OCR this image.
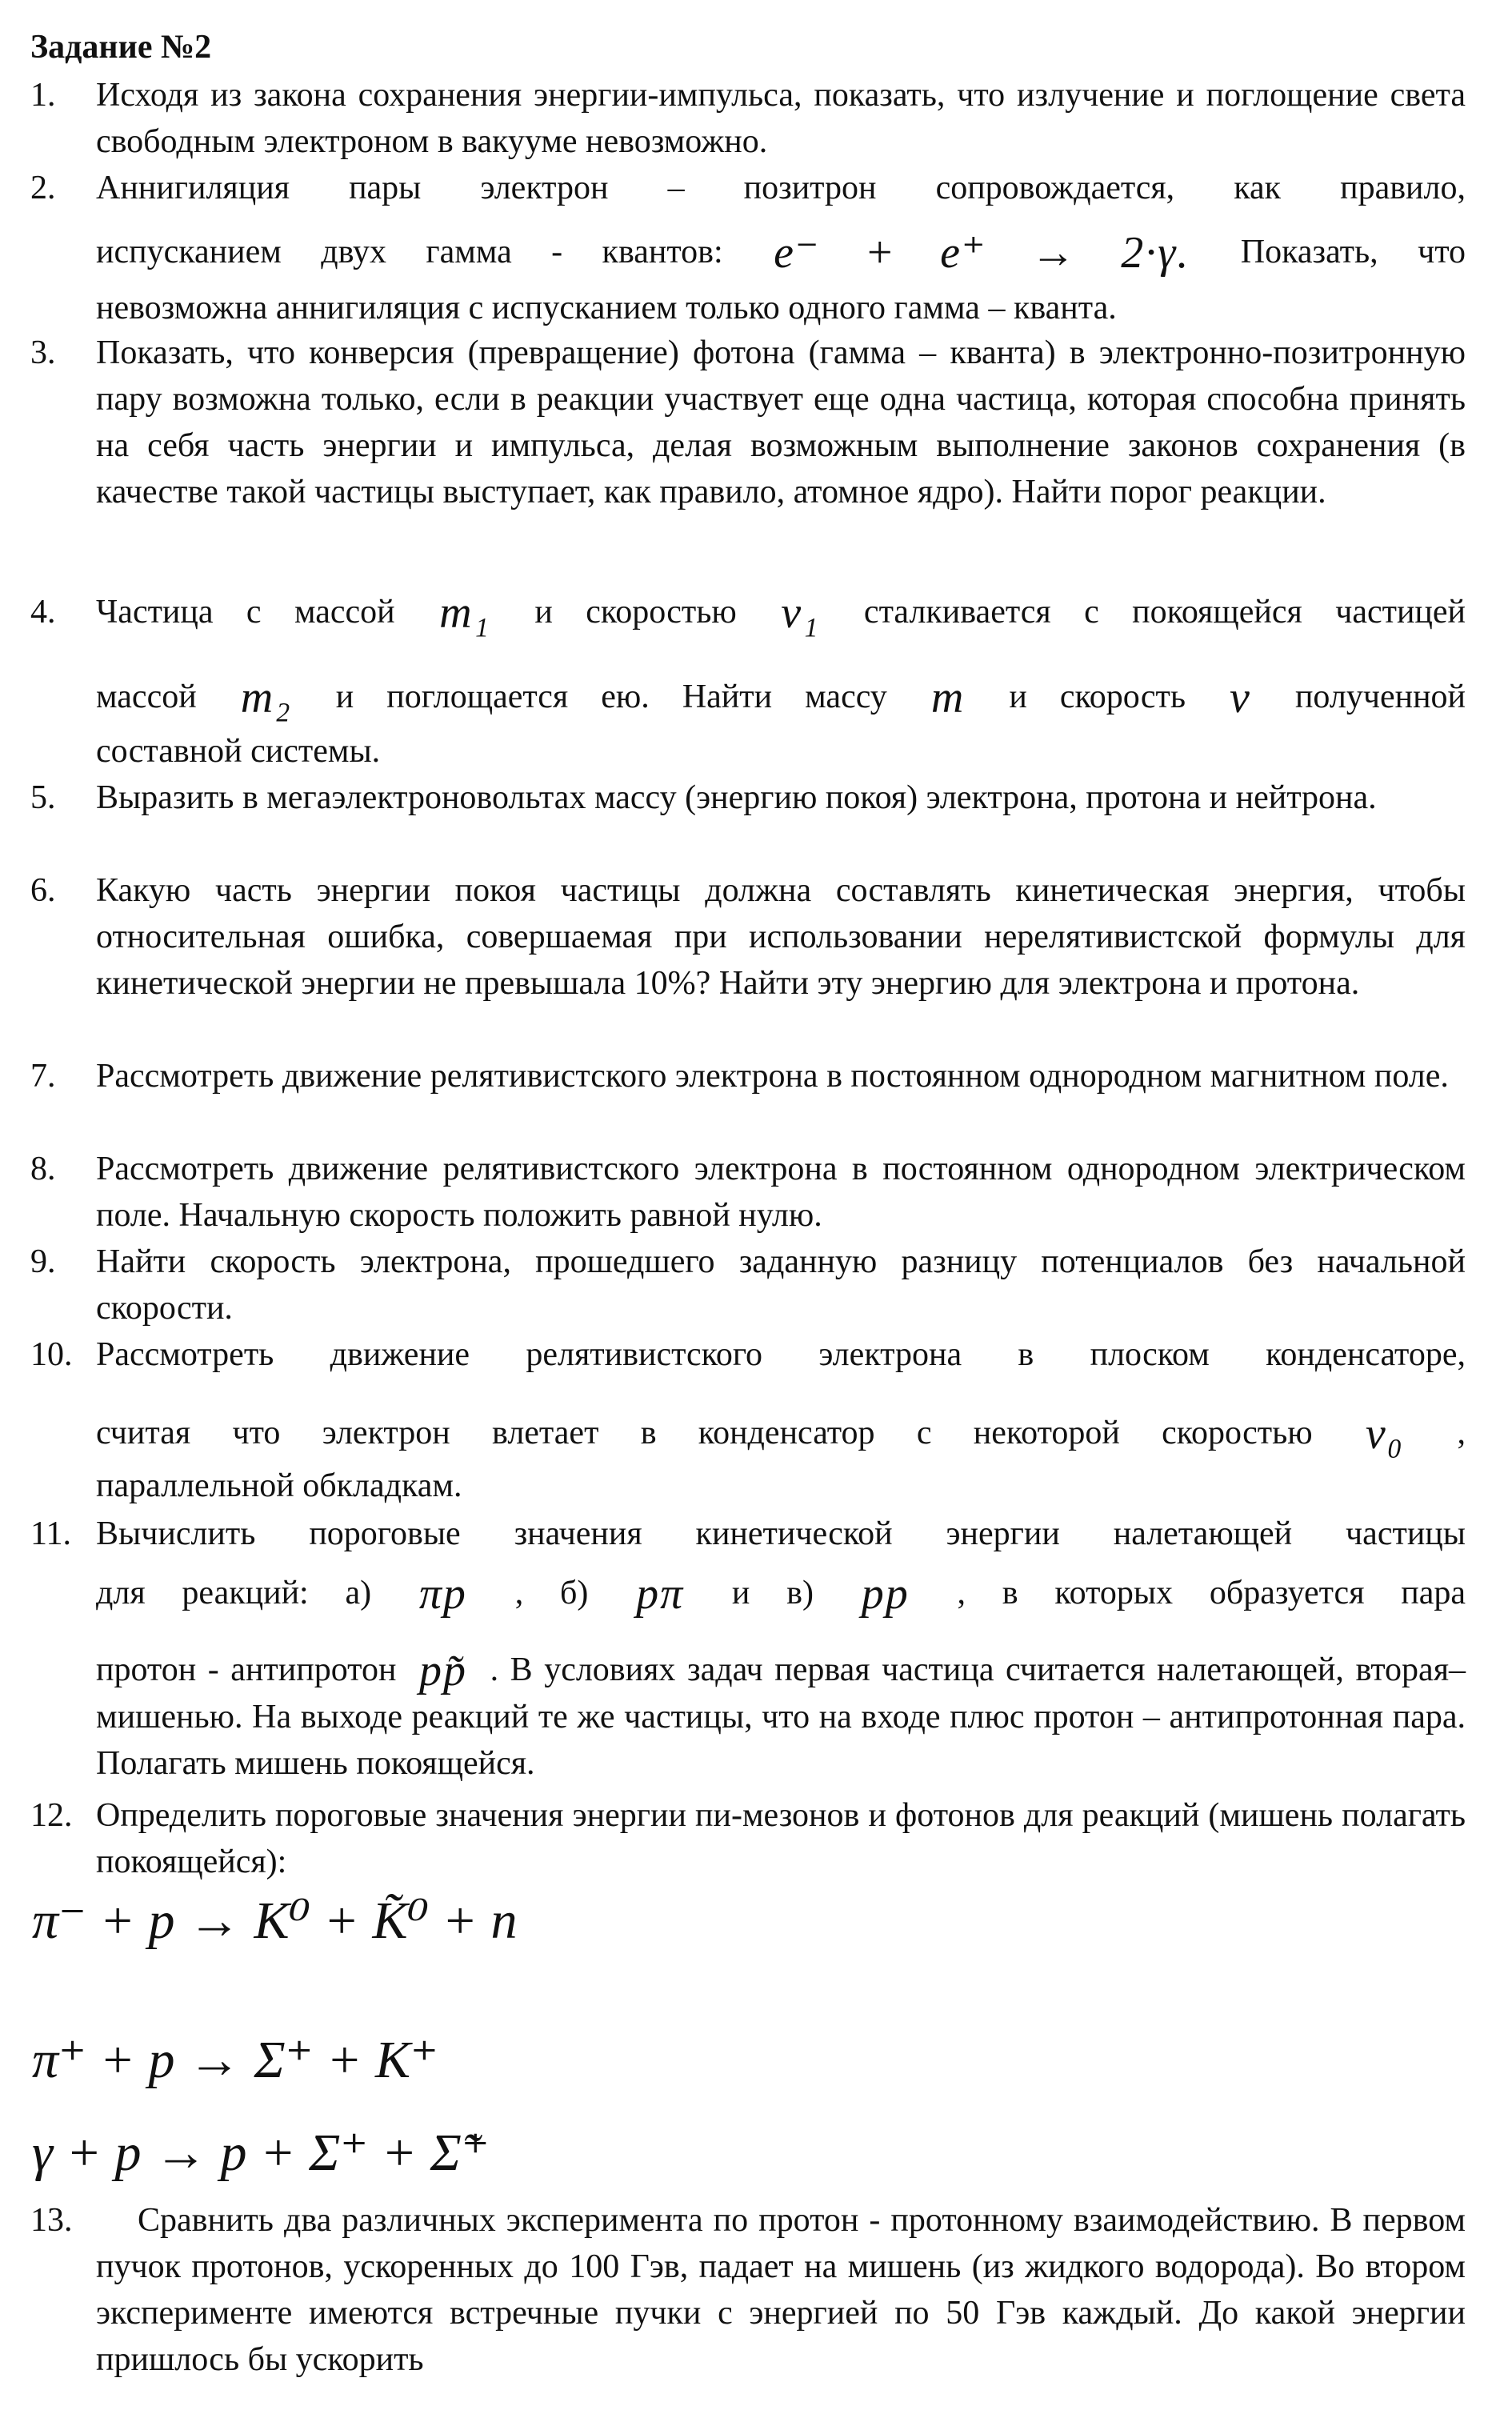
Задание №2
1.	Исходя из закона сохранения энергии-импульса, показать, что излучение и поглощение света свободным электроном в вакууме невозможно.
2.	Аннигиляция пары электрон – позитрон сопровождается, как правило,
испусканием двух гамма - квантов: e⁻ + e⁺ → 2·γ. Показать, что
невозможна аннигиляция с испусканием только одного гамма – кванта.
3.	Показать, что конверсия (превращение) фотона (гамма – кванта) в электронно-позитронную пару возможна только, если в реакции участвует еще одна частица, которая способна принять на себя часть энергии и импульса, делая возможным выполнение законов сохранения (в качестве такой частицы выступает, как правило, атомное ядро). Найти порог реакции.
4.	Частица с массой m₁ и скоростью v₁ сталкивается с покоящейся частицей
массой m₂ и поглощается ею. Найти массу m и скорость v полученной
составной системы.
5.	Выразить в мегаэлектроновольтах массу (энергию покоя) электрона, протона и нейтрона.
6.	Какую часть энергии покоя частицы должна составлять кинетическая энергия, чтобы относительная ошибка, совершаемая при использовании нерелятивистской формулы для кинетической энергии не превышала 10%? Найти эту энергию для электрона и протона.
7.	Рассмотреть движение релятивистского электрона в постоянном однородном магнитном поле.
8.	Рассмотреть движение релятивистского электрона в постоянном однородном электрическом поле. Начальную скорость положить равной нулю.
9.	Найти скорость электрона, прошедшего заданную разницу потенциалов без начальной скорости.
10. Рассмотреть движение релятивистского электрона в плоском конденсаторе,
считая что электрон влетает в конденсатор с некоторой скоростью v₀ ,
параллельной обкладкам.
11. Вычислить пороговые значения кинетической энергии налетающей частицы
для реакций: а) πp , б) pπ и в) pp , в которых образуется пара
протон - антипротон pp̃ . В условиях задач первая частица считается налетающей, вторая– мишенью. На выходе реакций те же частицы, что на входе плюс протон – антипротонная пара. Полагать мишень покоящейся.
12. Определить пороговые значения энергии пи-мезонов и фотонов для реакций (мишень полагать покоящейся):
π⁻ + p → K⁰ + K̃⁰ + n
π⁺ + p → Σ⁺ + K⁺
γ + p → p + Σ⁺ + Σ̃⁺
13.	Сравнить два различных эксперимента по протон - протонному взаимодействию. В первом пучок протонов, ускоренных до 100 Гэв, падает на мишень (из жидкого водорода). Во втором эксперименте имеются встречные пучки с энергией по 50 Гэв каждый. До какой энергии пришлось бы ускорить
